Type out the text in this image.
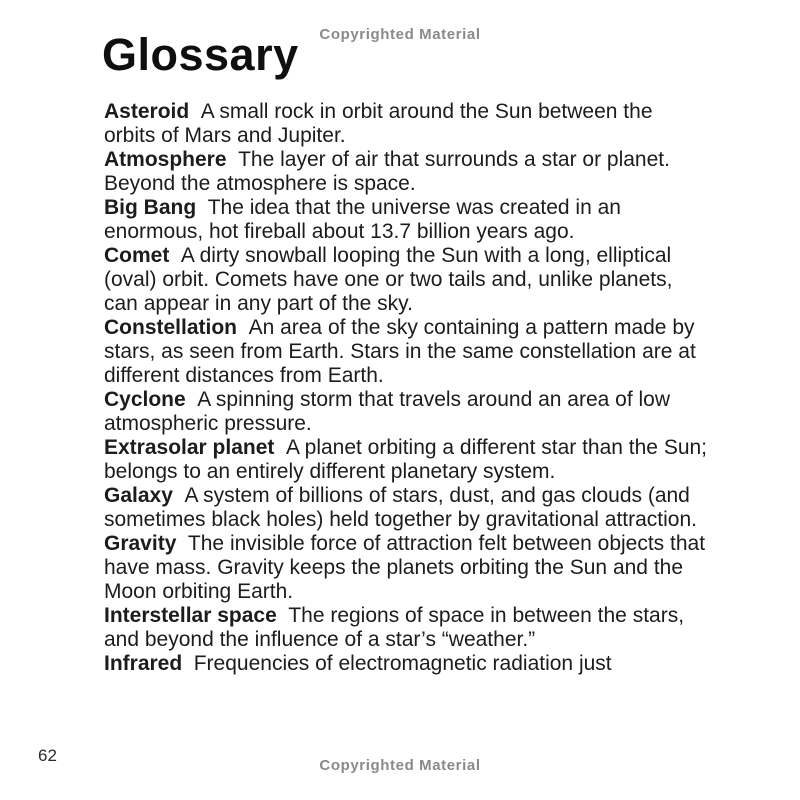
Copyrighted Material
Glossary

Asteroid A small rock in orbit around the Sun between the orbits of Mars and Jupiter.

Atmosphere The layer of air that surrounds a star or planet. Beyond the atmosphere is space.

Big Bang The idea that the universe was created in an enormous, hot fireball about 13.7 billion years ago.

Comet A dirty snowball looping the Sun with a long, elliptical (oval) orbit. Comets have one or two tails and, unlike planets, can appear in any part of the sky.

Constellation An area of the sky containing a pattern made by stars, as seen from Earth. Stars in the same constellation are at different distances from Earth.

Cyclone A spinning storm that travels around an area of low atmospheric pressure.

Extrasolar planet A planet orbiting a different star than the Sun; belongs to an entirely different planetary system.

Galaxy A system of billions of stars, dust, and gas clouds (and sometimes black holes) held together by gravitational attraction.

Gravity The invisible force of attraction felt between objects that have mass. Gravity keeps the planets orbiting the Sun and the Moon orbiting Earth.

Interstellar space The regions of space in between the stars, and beyond the influence of a star’s “weather.”

Infrared Frequencies of electromagnetic radiation just

62
Copyrighted Material
